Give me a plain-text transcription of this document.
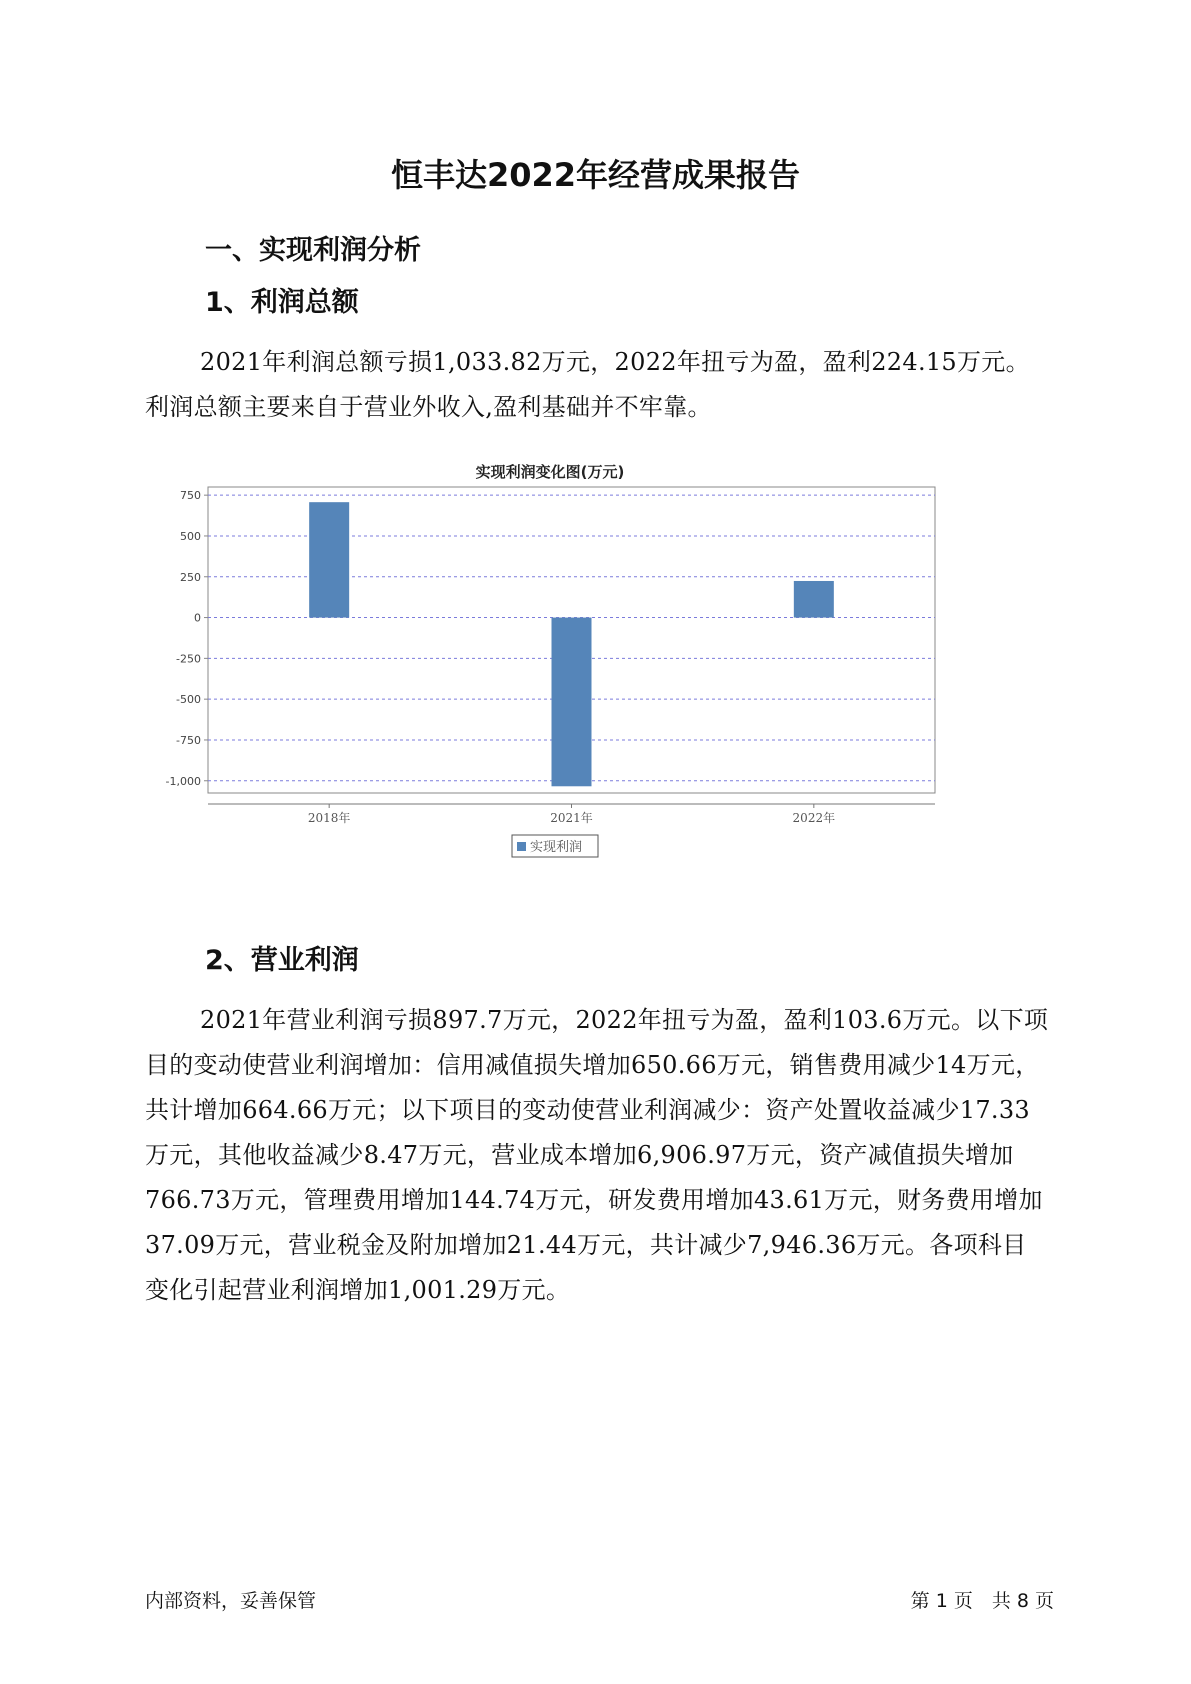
恒丰达2022年经营成果报告
一、实现利润分析
1、利润总额

2021年利润总额亏损1,033.82万元，2022年扭亏为盈，盈利224.15万元。利润总额主要来自于营业外收入,盈利基础并不牢靠。

实现利润变化图(万元)
750
500
250
0
-250
-500
-750
-1,000
2018年	2021年	2022年
实现利润
2、营业利润

2021年营业利润亏损897.7万元，2022年扭亏为盈，盈利103.6万元。以下项目的变动使营业利润增加：信用减值损失增加650.66万元，销售费用减少14万元，共计增加664.66万元；以下项目的变动使营业利润减少：资产处置收益减少17.33万元，其他收益减少8.47万元，营业成本增加6,906.97万元，资产减值损失增加766.73万元，管理费用增加144.74万元，研发费用增加43.61万元，财务费用增加37.09万元，营业税金及附加增加21.44万元，共计减少7,946.36万元。各项科目变化引起营业利润增加1,001.29万元。

内部资料，妥善保管	第 1 页　共 8 页
